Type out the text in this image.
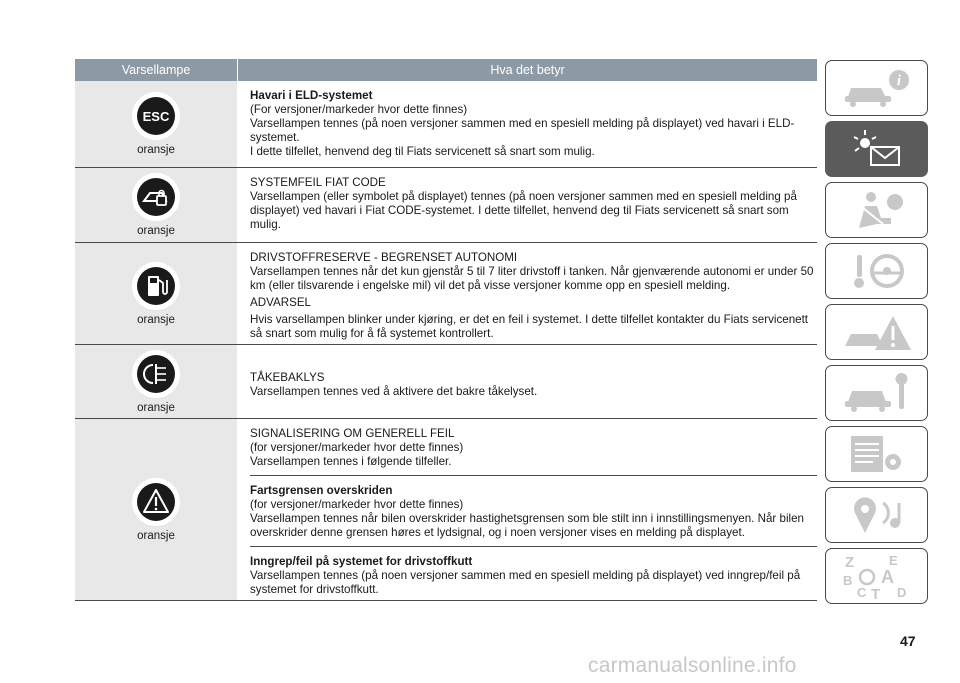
Varsellampe	Hva det betyr
ESC
oransje
Havari i ELD-systemet
(For versjoner/markeder hvor dette finnes)
Varsellampen tennes (på noen versjoner sammen med en spesiell melding på displayet) ved havari i ELD-systemet.
I dette tilfellet, henvend deg til Fiats servicenett så snart som mulig.
oransje
SYSTEMFEIL FIAT CODE
Varsellampen (eller symbolet på displayet) tennes (på noen versjoner sammen med en spesiell melding på displayet) ved havari i Fiat CODE-systemet. I dette tilfellet, henvend deg til Fiats servicenett så snart som mulig.
oransje
DRIVSTOFFRESERVE - BEGRENSET AUTONOMI
Varsellampen tennes når det kun gjenstår 5 til 7 liter drivstoff i tanken. Når gjenværende autonomi er under 50 km (eller tilsvarende i engelske mil) vil det på visse versjoner komme opp en spesiell melding.
ADVARSEL
Hvis varsellampen blinker under kjøring, er det en feil i systemet. I dette tilfellet kontakter du Fiats servicenett så snart som mulig for å få systemet kontrollert.
oransje
TÅKEBAKLYS
Varsellampen tennes ved å aktivere det bakre tåkelyset.
oransje
SIGNALISERING OM GENERELL FEIL
(for versjoner/markeder hvor dette finnes)
Varsellampen tennes i følgende tilfeller.
Fartsgrensen overskriden
(for versjoner/markeder hvor dette finnes)
Varsellampen tennes når bilen overskrider hastighetsgrensen som ble stilt inn i innstillingsmenyen. Når bilen overskrider denne grensen høres et lydsignal, og i noen versjoner vises en melding på displayet.
Inngrep/feil på systemet for drivstoffkutt
Varsellampen tennes (på noen versjoner sammen med en spesiell melding på displayet) ved inngrep/feil på systemet for drivstoffkutt.
i
Z	E
A
B
C T D
47
carmanualsonline.info
